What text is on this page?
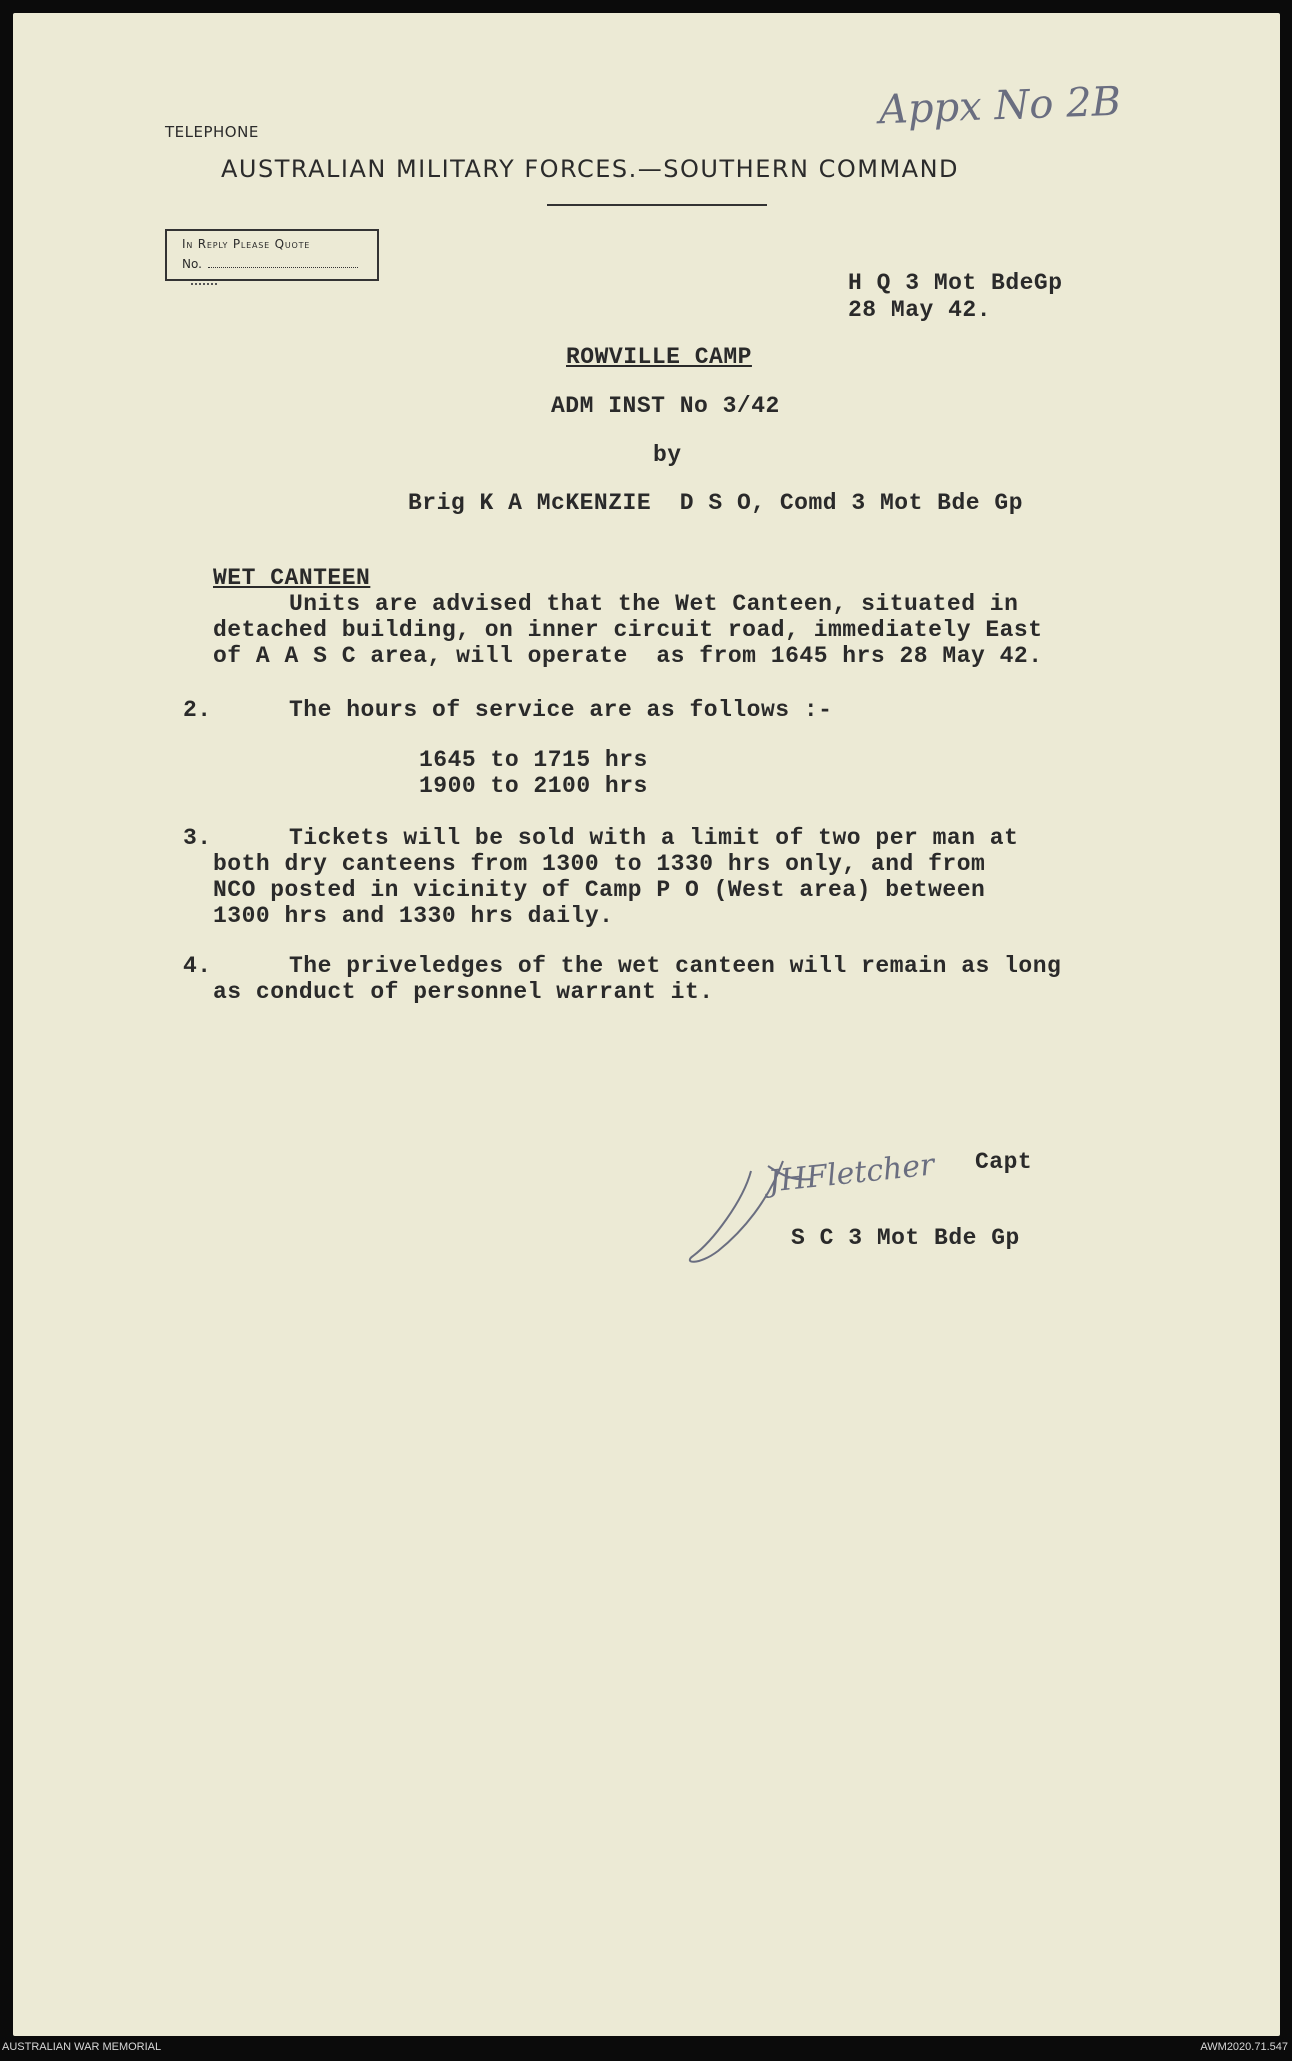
Appx No 2B
TELEPHONE
AUSTRALIAN MILITARY FORCES.—SOUTHERN COMMAND
In Reply Please Quote
No.
H Q 3 Mot BdeGp
28 May 42.
ROWVILLE CAMP
ADM INST No 3/42
by
Brig K A McKENZIE  D S O, Comd 3 Mot Bde Gp
WET CANTEEN
Units are advised that the Wet Canteen, situated in
detached building, on inner circuit road, immediately East
of A A S C area, will operate  as from 1645 hrs 28 May 42.
2.	The hours of service are as follows :-
1645 to 1715 hrs
1900 to 2100 hrs
3.	Tickets will be sold with a limit of two per man at
both dry canteens from 1300 to 1330 hrs only, and from
NCO posted in vicinity of Camp P O (West area) between
1300 hrs and 1330 hrs daily.
4.	The priveledges of the wet canteen will remain as long
as conduct of personnel warrant it.
JHFletcher Capt
S C 3 Mot Bde Gp
AUSTRALIAN WAR MEMORIAL	AWM2020.71.547
